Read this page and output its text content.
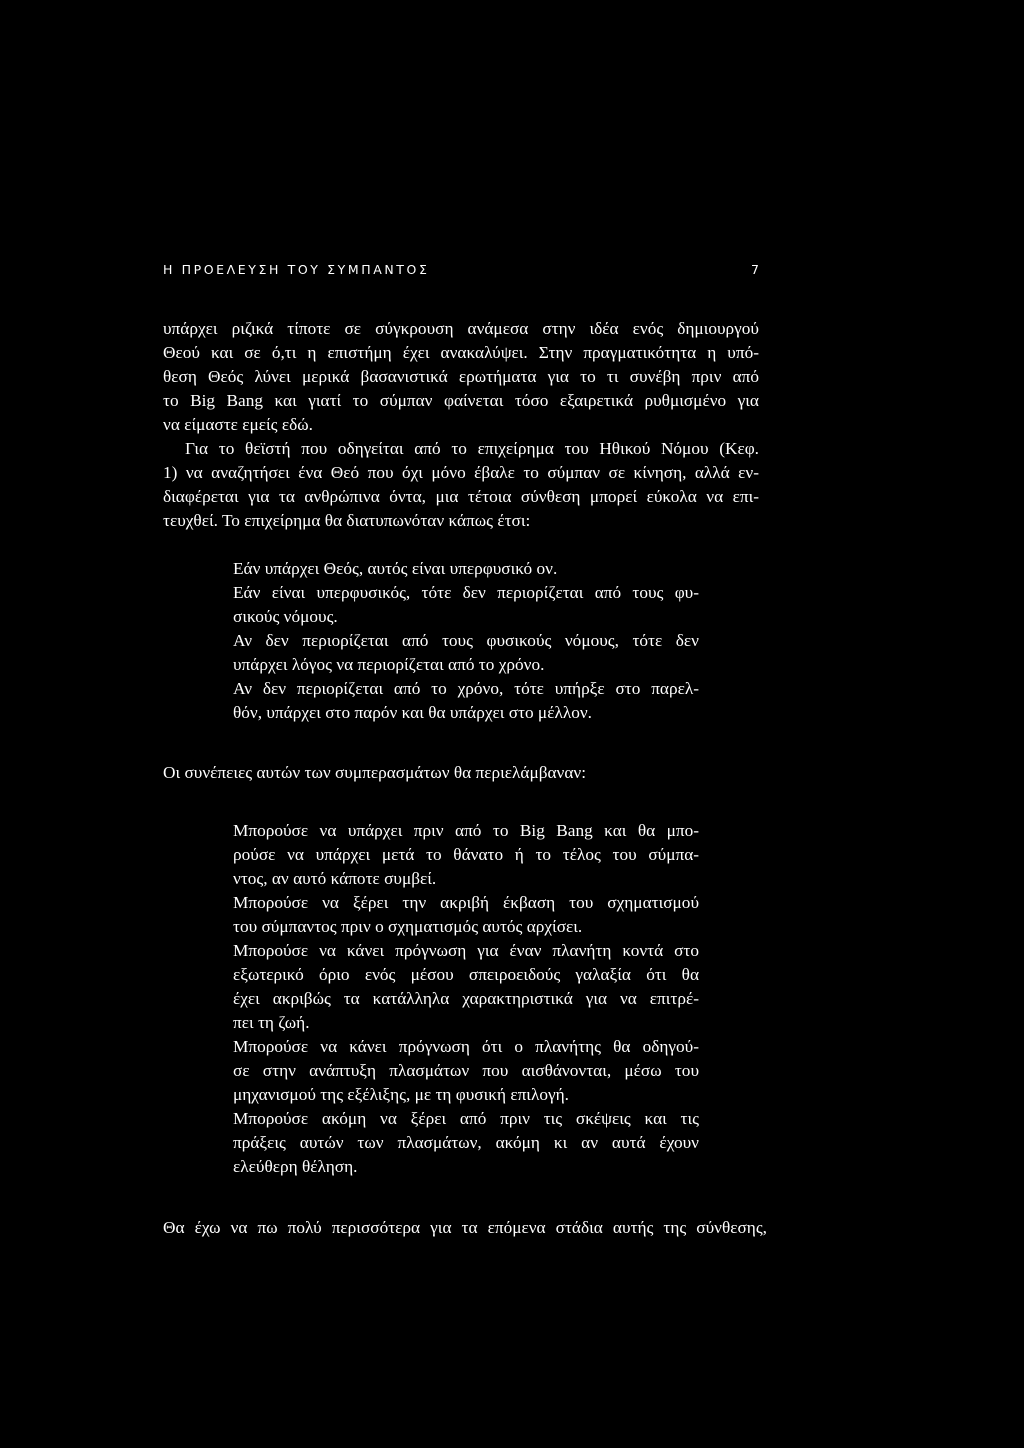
Η ΠΡΟΕΛΕΥΣΗ ΤΟΥ ΣΥΜΠΑΝΤΟΣ	7
υπάρχει ριζικά τίποτε σε σύγκρουση ανάμεσα στην ιδέα ενός δημιουργού
Θεού και σε ό,τι η επιστήμη έχει ανακαλύψει. Στην πραγματικότητα η υπό-
θεση Θεός λύνει μερικά βασανιστικά ερωτήματα για το τι συνέβη πριν από
το Big Bang και γιατί το σύμπαν φαίνεται τόσο εξαιρετικά ρυθμισμένο για
να είμαστε εμείς εδώ.
Για το θεϊστή που οδηγείται από το επιχείρημα του Ηθικού Νόμου (Κεφ.
1) να αναζητήσει ένα Θεό που όχι μόνο έβαλε το σύμπαν σε κίνηση, αλλά εν-
διαφέρεται για τα ανθρώπινα όντα, μια τέτοια σύνθεση μπορεί εύκολα να επι-
τευχθεί. Το επιχείρημα θα διατυπωνόταν κάπως έτσι:
Εάν υπάρχει Θεός, αυτός είναι υπερφυσικό ον.
Εάν είναι υπερφυσικός, τότε δεν περιορίζεται από τους φυ-
σικούς νόμους.
Αν δεν περιορίζεται από τους φυσικούς νόμους, τότε δεν
υπάρχει λόγος να περιορίζεται από το χρόνο.
Αν δεν περιορίζεται από το χρόνο, τότε υπήρξε στο παρελ-
θόν, υπάρχει στο παρόν και θα υπάρχει στο μέλλον.
Οι συνέπειες αυτών των συμπερασμάτων θα περιελάμβαναν:
Μπορούσε να υπάρχει πριν από το Big Bang και θα μπο-
ρούσε να υπάρχει μετά το θάνατο ή το τέλος του σύμπα-
ντος, αν αυτό κάποτε συμβεί.
Μπορούσε να ξέρει την ακριβή έκβαση του σχηματισμού
του σύμπαντος πριν ο σχηματισμός αυτός αρχίσει.
Μπορούσε να κάνει πρόγνωση για έναν πλανήτη κοντά στο
εξωτερικό όριο ενός μέσου σπειροειδούς γαλαξία ότι θα
έχει ακριβώς τα κατάλληλα χαρακτηριστικά για να επιτρέ-
πει τη ζωή.
Μπορούσε να κάνει πρόγνωση ότι ο πλανήτης θα οδηγού-
σε στην ανάπτυξη πλασμάτων που αισθάνονται, μέσω του
μηχανισμού της εξέλιξης, με τη φυσική επιλογή.
Μπορούσε ακόμη να ξέρει από πριν τις σκέψεις και τις
πράξεις αυτών των πλασμάτων, ακόμη κι αν αυτά έχουν
ελεύθερη θέληση.
Θα έχω να πω πολύ περισσότερα για τα επόμενα στάδια αυτής της σύνθεσης,
